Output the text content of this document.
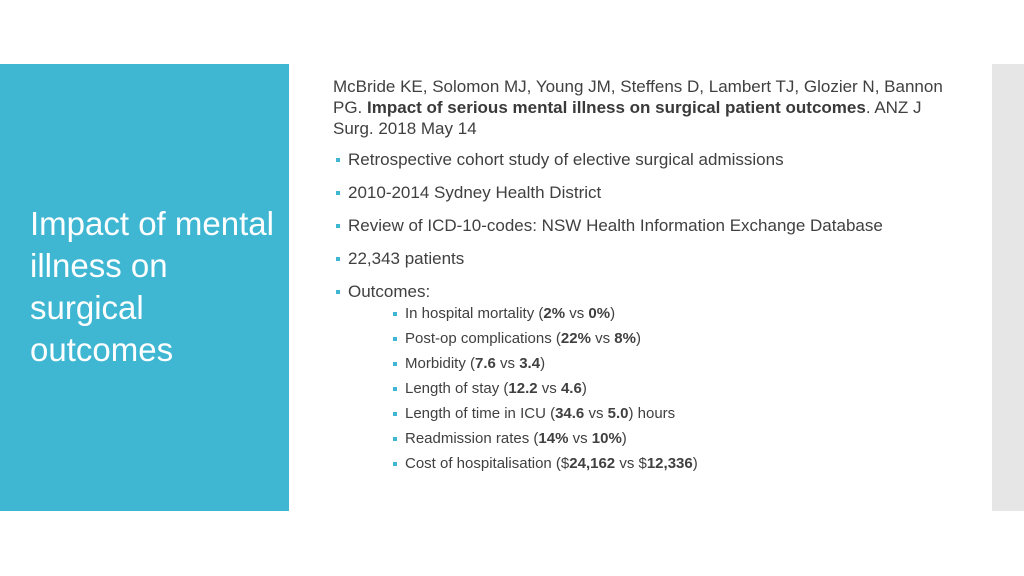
Impact of mental illness on surgical outcomes

McBride KE, Solomon MJ, Young JM, Steffens D, Lambert TJ, Glozier N, Bannon PG. Impact of serious mental illness on surgical patient outcomes. ANZ J Surg. 2018 May 14

Retrospective cohort study of elective surgical admissions
2010-2014 Sydney Health District
Review of ICD-10-codes: NSW Health Information Exchange Database
22,343 patients
Outcomes:
In hospital mortality (2% vs 0%)
Post-op complications (22% vs 8%)
Morbidity (7.6 vs 3.4)
Length of stay (12.2 vs 4.6)
Length of time in ICU (34.6 vs 5.0) hours
Readmission rates (14% vs 10%)
Cost of hospitalisation ($24,162 vs $12,336)
